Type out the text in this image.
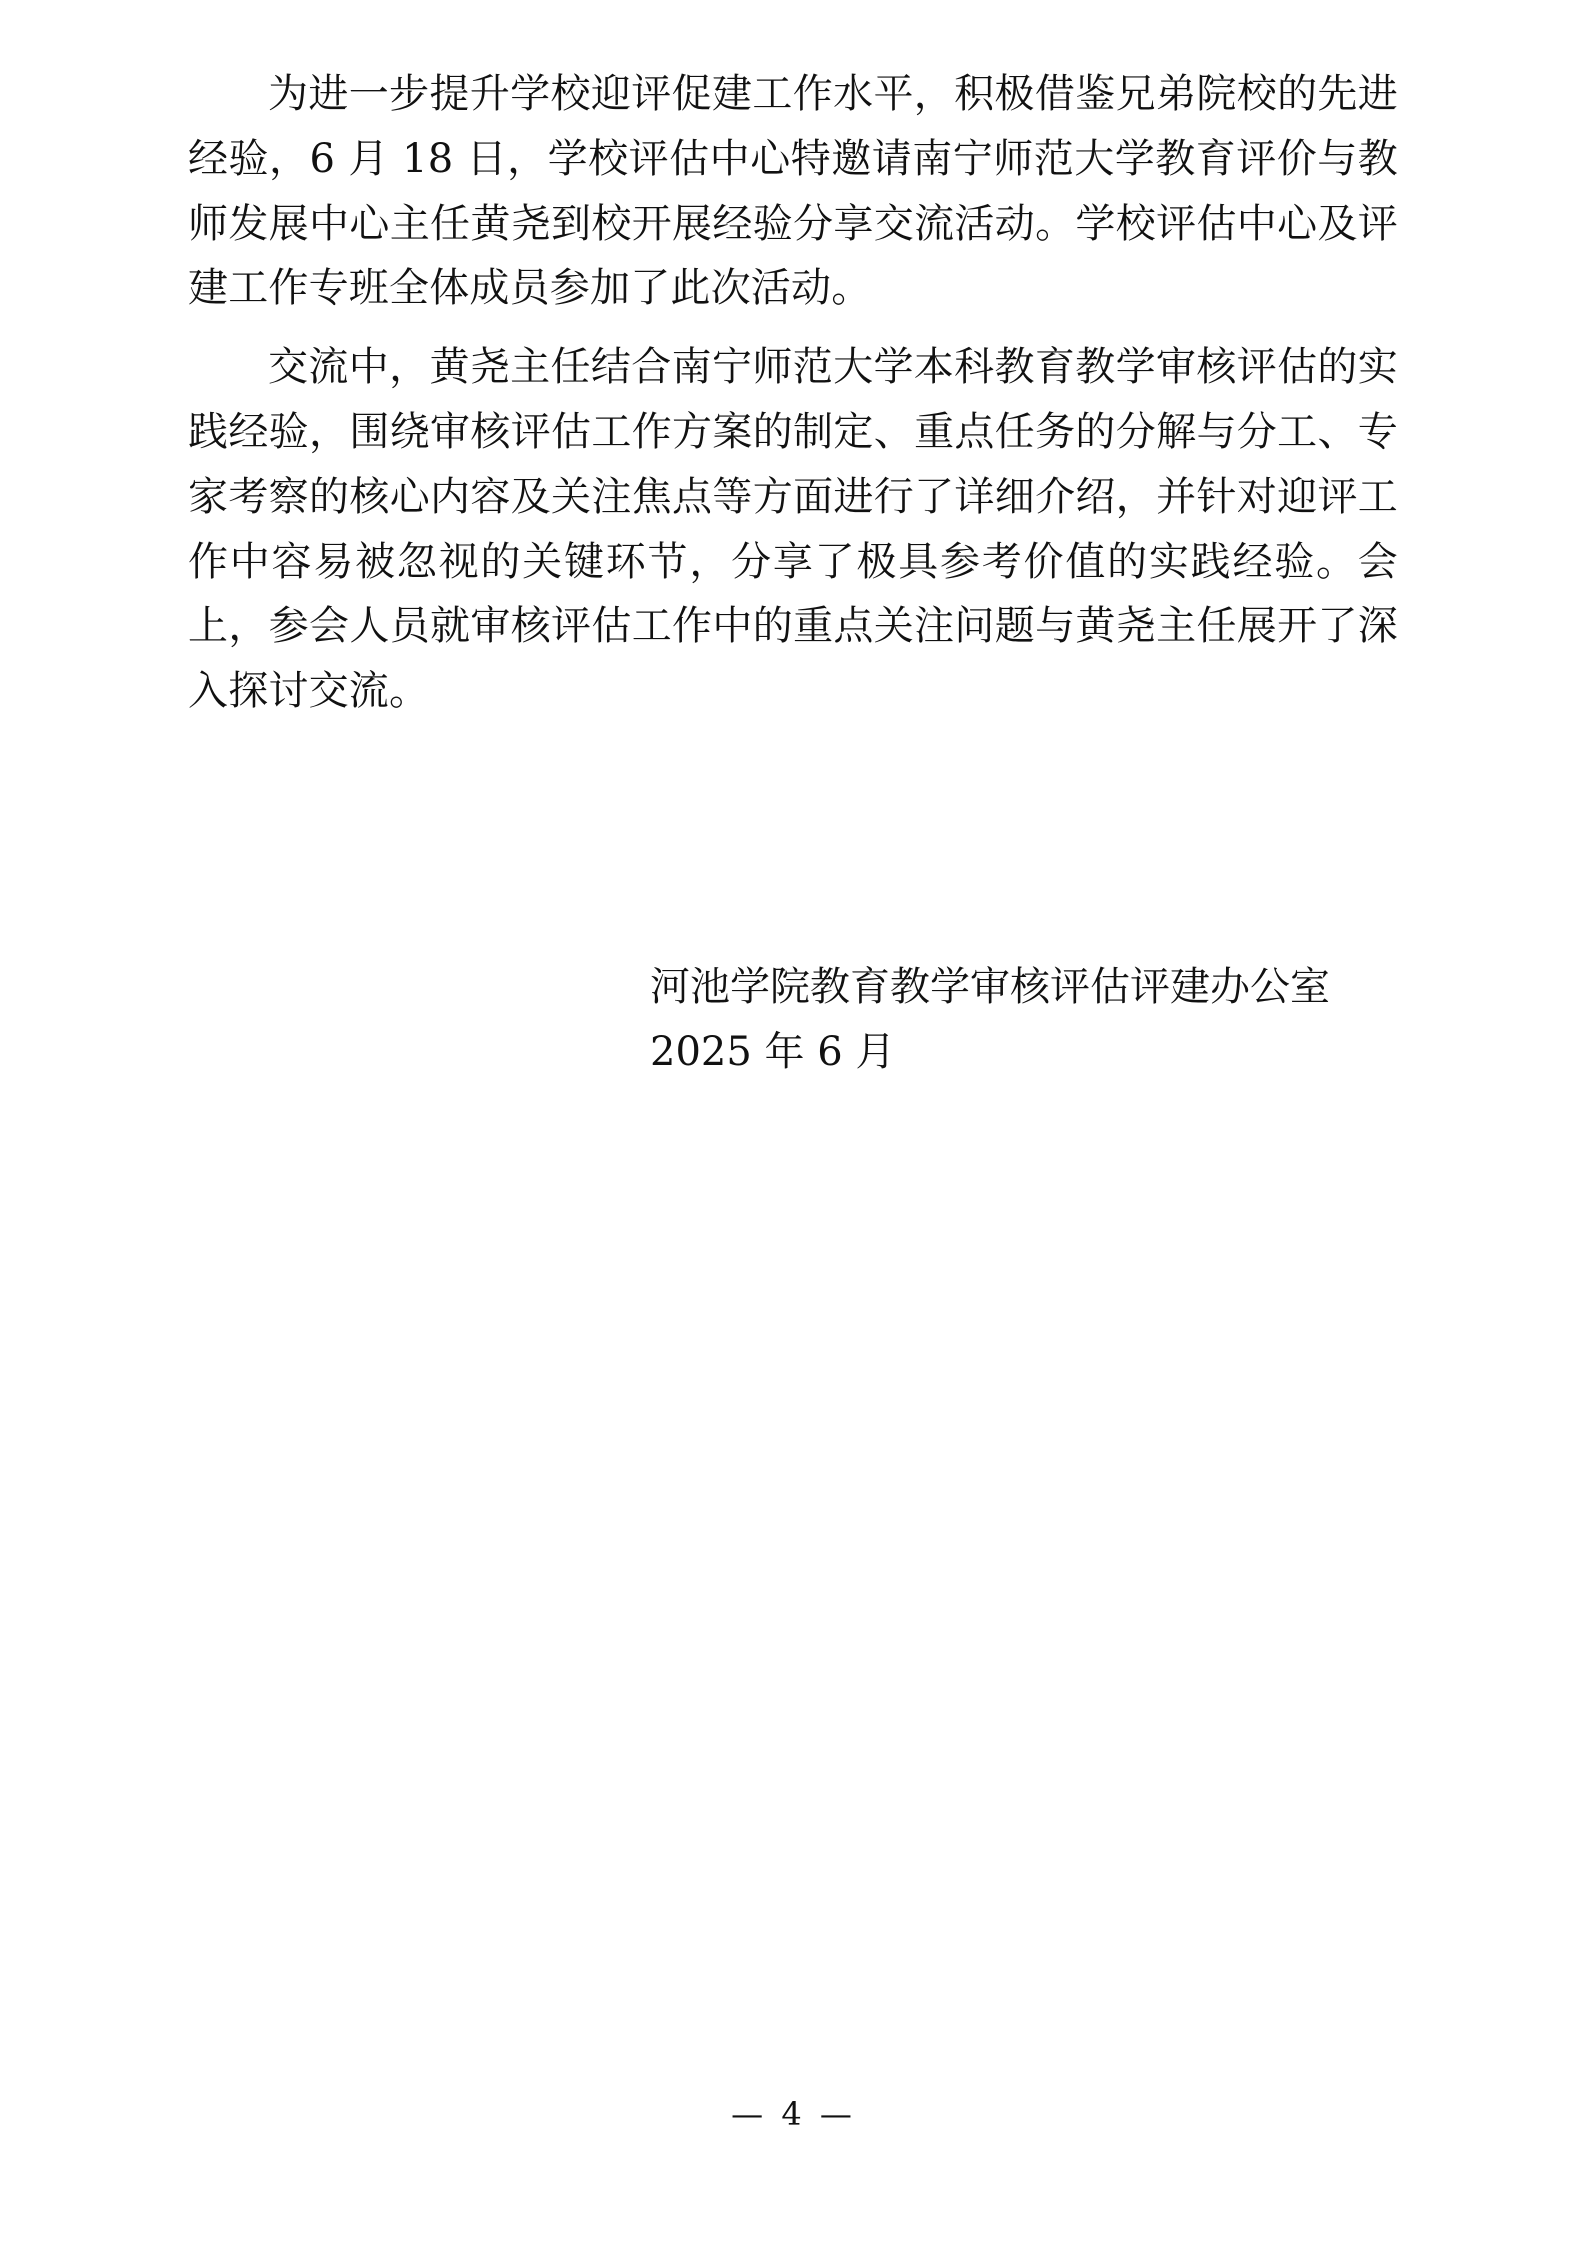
为进一步提升学校迎评促建工作水平，积极借鉴兄弟院校的先进经验，6 月 18 日，学校评估中心特邀请南宁师范大学教育评价与教师发展中心主任黄尧到校开展经验分享交流活动。学校评估中心及评建工作专班全体成员参加了此次活动。

交流中，黄尧主任结合南宁师范大学本科教育教学审核评估的实践经验，围绕审核评估工作方案的制定、重点任务的分解与分工、专家考察的核心内容及关注焦点等方面进行了详细介绍，并针对迎评工作中容易被忽视的关键环节，分享了极具参考价值的实践经验。会上，参会人员就审核评估工作中的重点关注问题与黄尧主任展开了深入探讨交流。

河池学院教育教学审核评估评建办公室
2025 年 6 月
— 4 —
